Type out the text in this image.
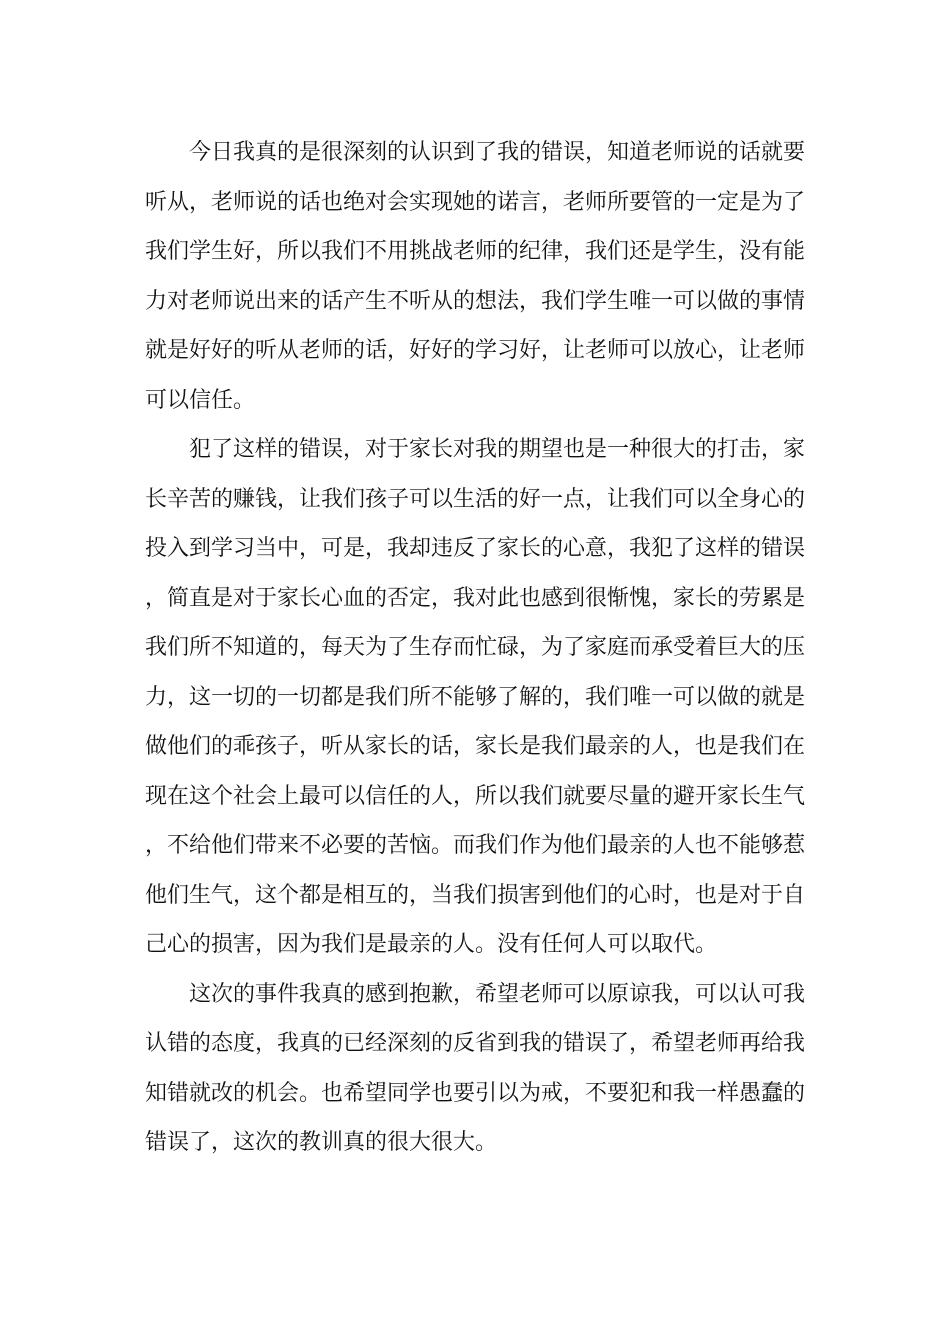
今日我真的是很深刻的认识到了我的错误，知道老师说的话就要听从，老师说的话也绝对会实现她的诺言，老师所要管的一定是为了我们学生好，所以我们不用挑战老师的纪律，我们还是学生，没有能力对老师说出来的话产生不听从的想法，我们学生唯一可以做的事情就是好好的听从老师的话，好好的学习好，让老师可以放心，让老师可以信任。

犯了这样的错误，对于家长对我的期望也是一种很大的打击，家长辛苦的赚钱，让我们孩子可以生活的好一点，让我们可以全身心的投入到学习当中，可是，我却违反了家长的心意，我犯了这样的错误，简直是对于家长心血的否定，我对此也感到很惭愧，家长的劳累是我们所不知道的，每天为了生存而忙碌，为了家庭而承受着巨大的压力，这一切的一切都是我们所不能够了解的，我们唯一可以做的就是做他们的乖孩子，听从家长的话，家长是我们最亲的人，也是我们在现在这个社会上最可以信任的人，所以我们就要尽量的避开家长生气，不给他们带来不必要的苦恼。而我们作为他们最亲的人也不能够惹他们生气，这个都是相互的，当我们损害到他们的心时，也是对于自己心的损害，因为我们是最亲的人。没有任何人可以取代。

这次的事件我真的感到抱歉，希望老师可以原谅我，可以认可我认错的态度，我真的已经深刻的反省到我的错误了，希望老师再给我知错就改的机会。也希望同学也要引以为戒，不要犯和我一样愚蠢的错误了，这次的教训真的很大很大。
